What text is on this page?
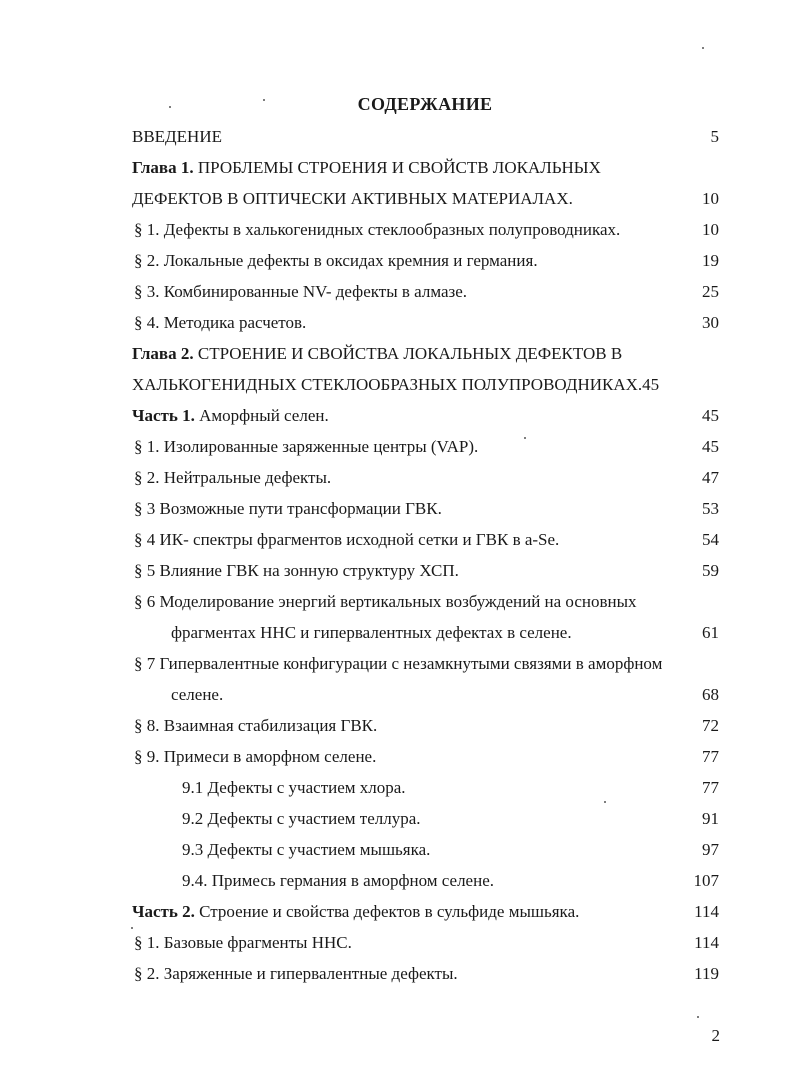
СОДЕРЖАНИЕ
ВВЕДЕНИЕ	5
Глава 1. ПРОБЛЕМЫ СТРОЕНИЯ И СВОЙСТВ ЛОКАЛЬНЫХ
ДЕФЕКТОВ В ОПТИЧЕСКИ АКТИВНЫХ МАТЕРИАЛАХ.	10
§ 1. Дефекты в халькогенидных стеклообразных полупроводниках.	10
§ 2. Локальные дефекты в оксидах кремния и германия.	19
§ 3. Комбинированные NV- дефекты в алмазе.	25
§ 4. Методика расчетов.	30
Глава 2. СТРОЕНИЕ И СВОЙСТВА ЛОКАЛЬНЫХ ДЕФЕКТОВ В
ХАЛЬКОГЕНИДНЫХ СТЕКЛООБРАЗНЫХ ПОЛУПРОВОДНИКАХ.45
Часть 1. Аморфный селен.	45
§ 1. Изолированные заряженные центры (VAP).	45
§ 2. Нейтральные дефекты.	47
§ 3 Возможные пути трансформации ГВК.	53
§ 4 ИК- спектры фрагментов исходной сетки и ГВК в a-Se.	54
§ 5 Влияние ГВК на зонную структуру ХСП.	59
§ 6 Моделирование энергий вертикальных возбуждений на основных
фрагментах ННС и гипервалентных дефектах в селене.	61
§ 7 Гипервалентные конфигурации с незамкнутыми связями в аморфном
селене.	68
§ 8. Взаимная стабилизация ГВК.	72
§ 9. Примеси в аморфном селене.	77
9.1 Дефекты с участием хлора.	77
9.2 Дефекты с участием теллура.	91
9.3 Дефекты с участием мышьяка.	97
9.4. Примесь германия в аморфном селене.	107
Часть 2. Строение и свойства дефектов в сульфиде мышьяка.	114
§ 1. Базовые фрагменты ННС.	114
§ 2. Заряженные и гипервалентные дефекты.	119
2
